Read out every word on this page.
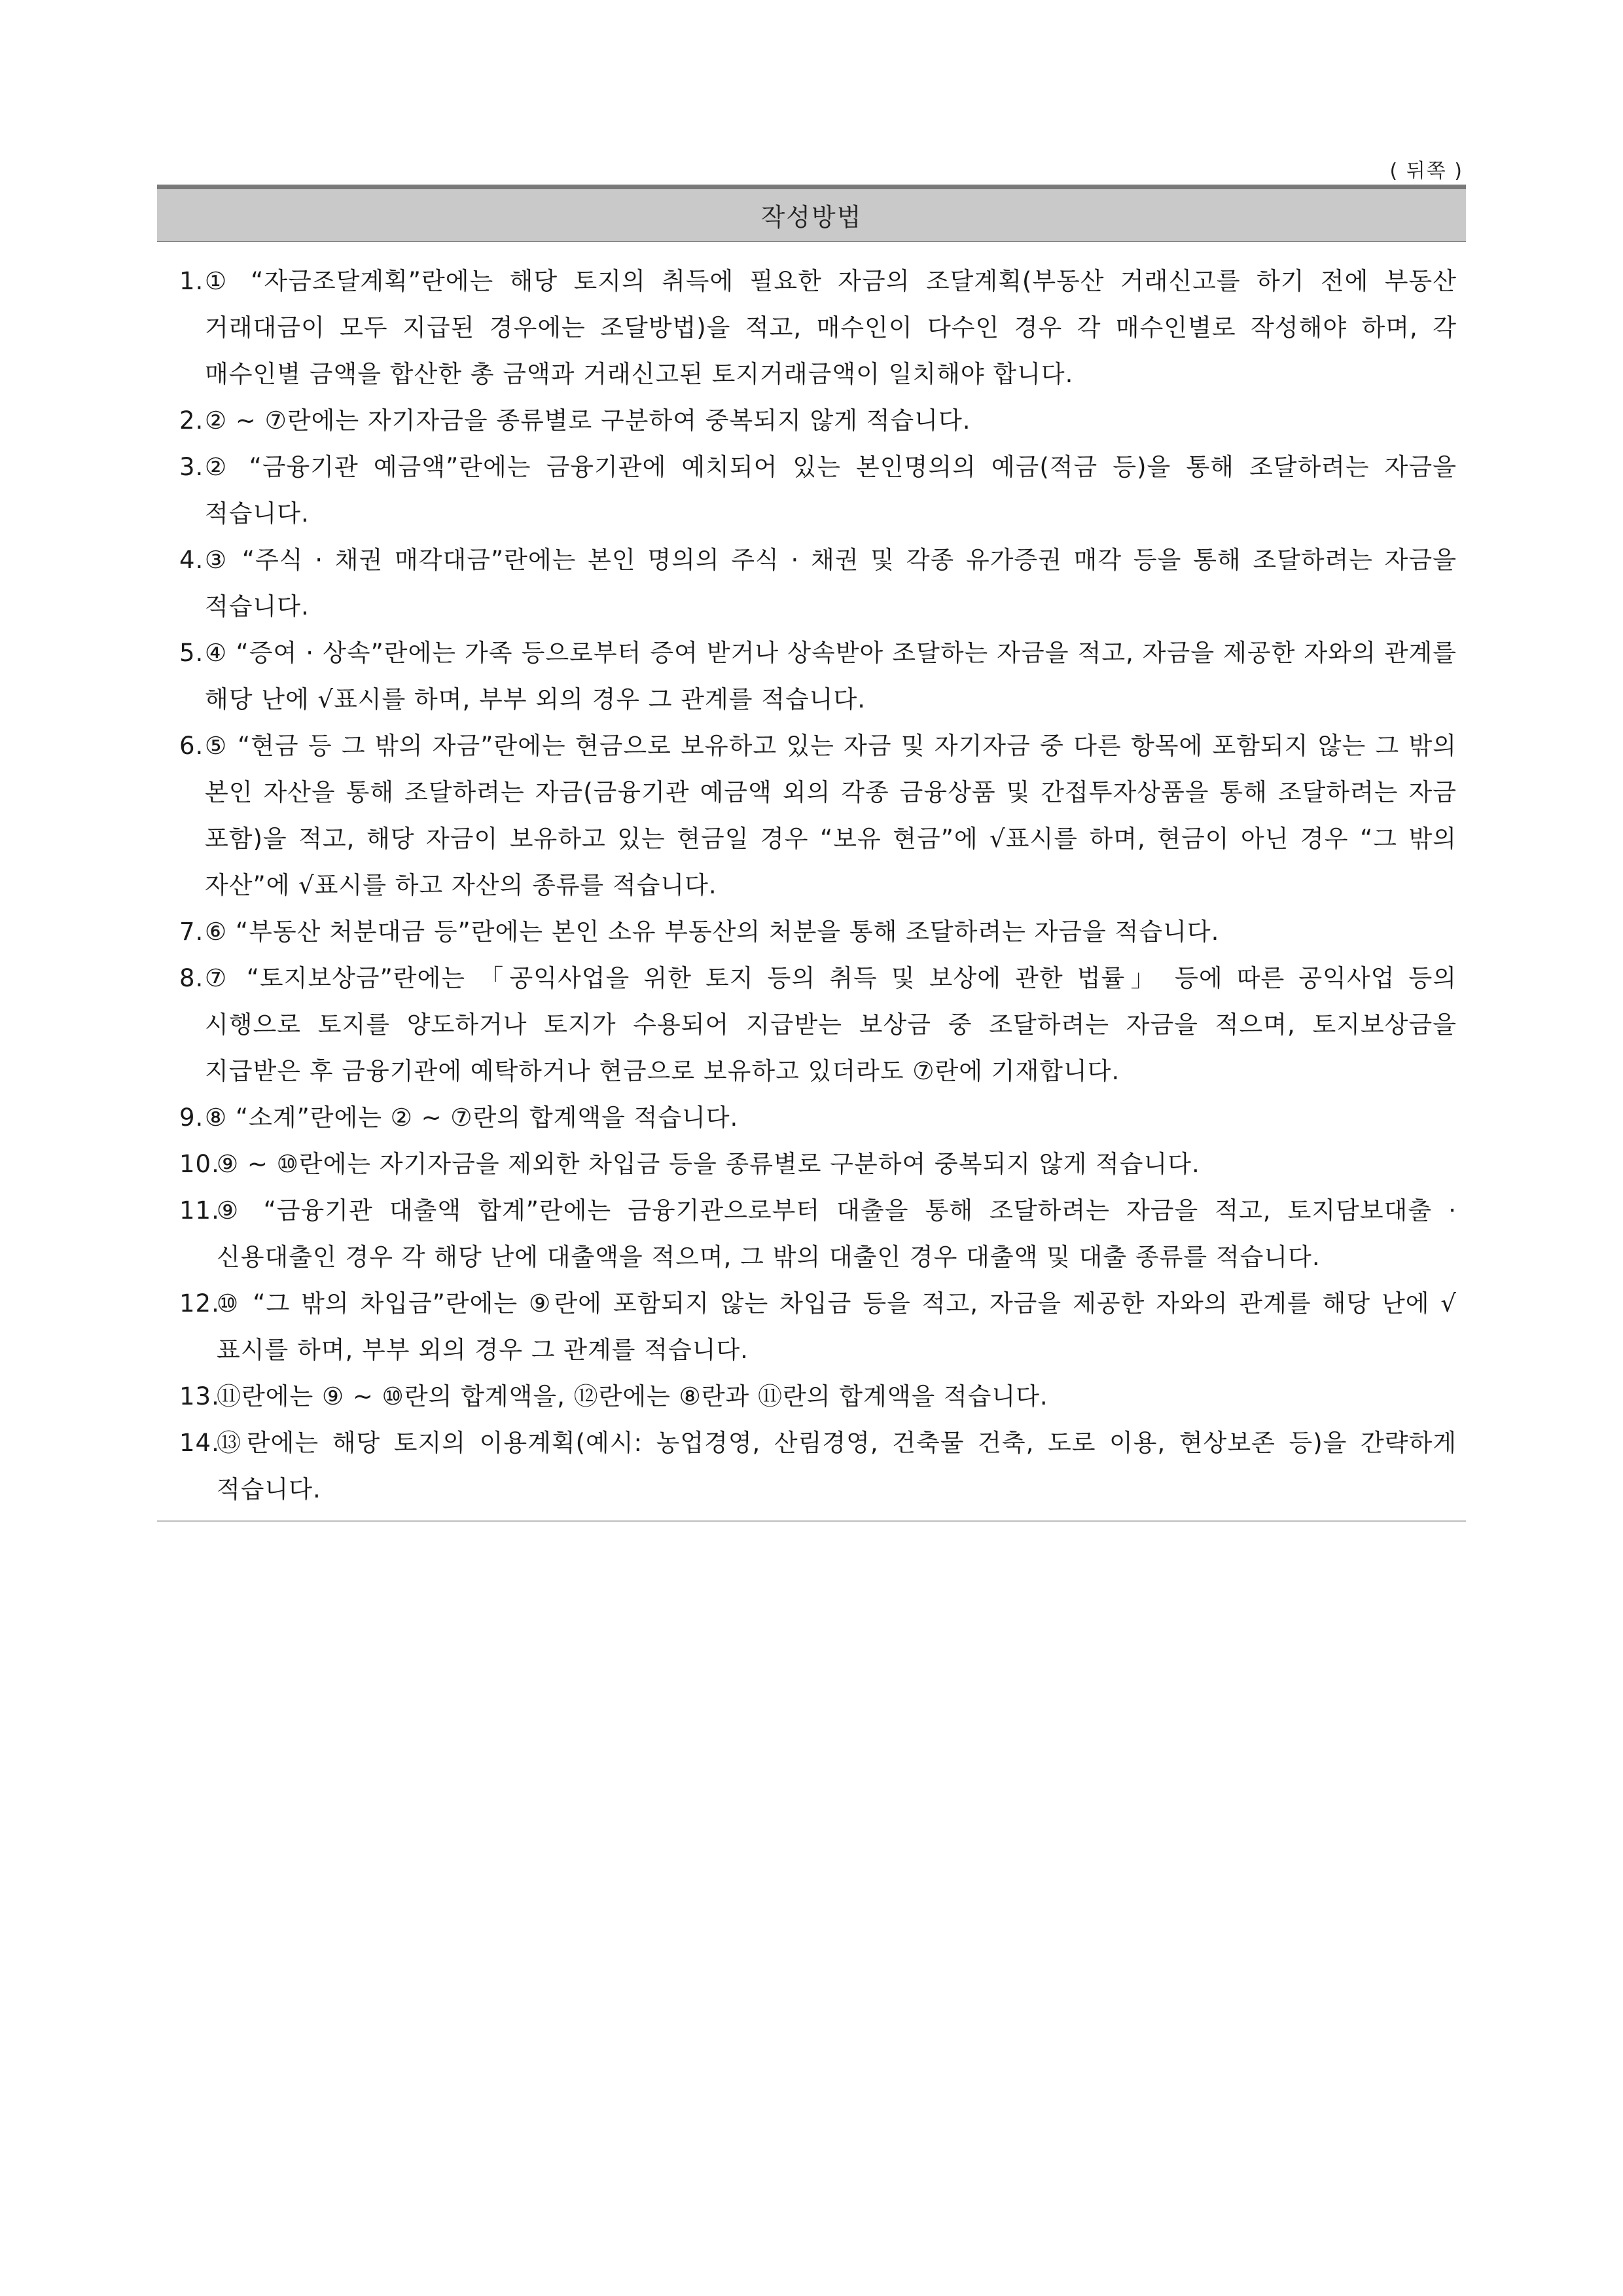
( 뒤쪽 )
작성방법
1. ① “자금조달계획”란에는 해당 토지의 취득에 필요한 자금의 조달계획(부동산 거래신고를 하기 전에 부동산 거래대금이 모두 지급된 경우에는 조달방법)을 적고, 매수인이 다수인 경우 각 매수인별로 작성해야 하며, 각 매수인별 금액을 합산한 총 금액과 거래신고된 토지거래금액이 일치해야 합니다.
2. ② ~ ⑦란에는 자기자금을 종류별로 구분하여 중복되지 않게 적습니다.
3. ② “금융기관 예금액”란에는 금융기관에 예치되어 있는 본인명의의 예금(적금 등)을 통해 조달하려는 자금을 적습니다.
4. ③ “주식 · 채권 매각대금”란에는 본인 명의의 주식 · 채권 및 각종 유가증권 매각 등을 통해 조달하려는 자금을 적습니다.
5. ④ “증여 · 상속”란에는 가족 등으로부터 증여 받거나 상속받아 조달하는 자금을 적고, 자금을 제공한 자와의 관계를 해당 난에 √표시를 하며, 부부 외의 경우 그 관계를 적습니다.
6. ⑤ “현금 등 그 밖의 자금”란에는 현금으로 보유하고 있는 자금 및 자기자금 중 다른 항목에 포함되지 않는 그 밖의 본인 자산을 통해 조달하려는 자금(금융기관 예금액 외의 각종 금융상품 및 간접투자상품을 통해 조달하려는 자금 포함)을 적고, 해당 자금이 보유하고 있는 현금일 경우 “보유 현금”에 √표시를 하며, 현금이 아닌 경우 “그 밖의 자산”에 √표시를 하고 자산의 종류를 적습니다.
7. ⑥ “부동산 처분대금 등”란에는 본인 소유 부동산의 처분을 통해 조달하려는 자금을 적습니다.
8. ⑦ “토지보상금”란에는 「공익사업을 위한 토지 등의 취득 및 보상에 관한 법률」 등에 따른 공익사업 등의 시행으로 토지를 양도하거나 토지가 수용되어 지급받는 보상금 중 조달하려는 자금을 적으며, 토지보상금을 지급받은 후 금융기관에 예탁하거나 현금으로 보유하고 있더라도 ⑦란에 기재합니다.
9. ⑧ “소계”란에는 ② ~ ⑦란의 합계액을 적습니다.
10.
⑨ ~ ⑩란에는 자기자금을 제외한 차입금 등을 종류별로 구분하여 중복되지 않게 적습니다.
11.
⑨ “금융기관 대출액 합계”란에는 금융기관으로부터 대출을 통해 조달하려는 자금을 적고, 토지담보대출 · 신용대출인 경우 각 해당 난에 대출액을 적으며, 그 밖의 대출인 경우 대출액 및 대출 종류를 적습니다.
12.
⑩ “그 밖의 차입금”란에는 ⑨란에 포함되지 않는 차입금 등을 적고, 자금을 제공한 자와의 관계를 해당 난에 √표시를 하며, 부부 외의 경우 그 관계를 적습니다.
13.
⑪란에는 ⑨ ~ ⑩란의 합계액을, ⑫란에는 ⑧란과 ⑪란의 합계액을 적습니다.
14.
⑬란에는 해당 토지의 이용계획(예시: 농업경영, 산림경영, 건축물 건축, 도로 이용, 현상보존 등)을 간략하게 적습니다.
